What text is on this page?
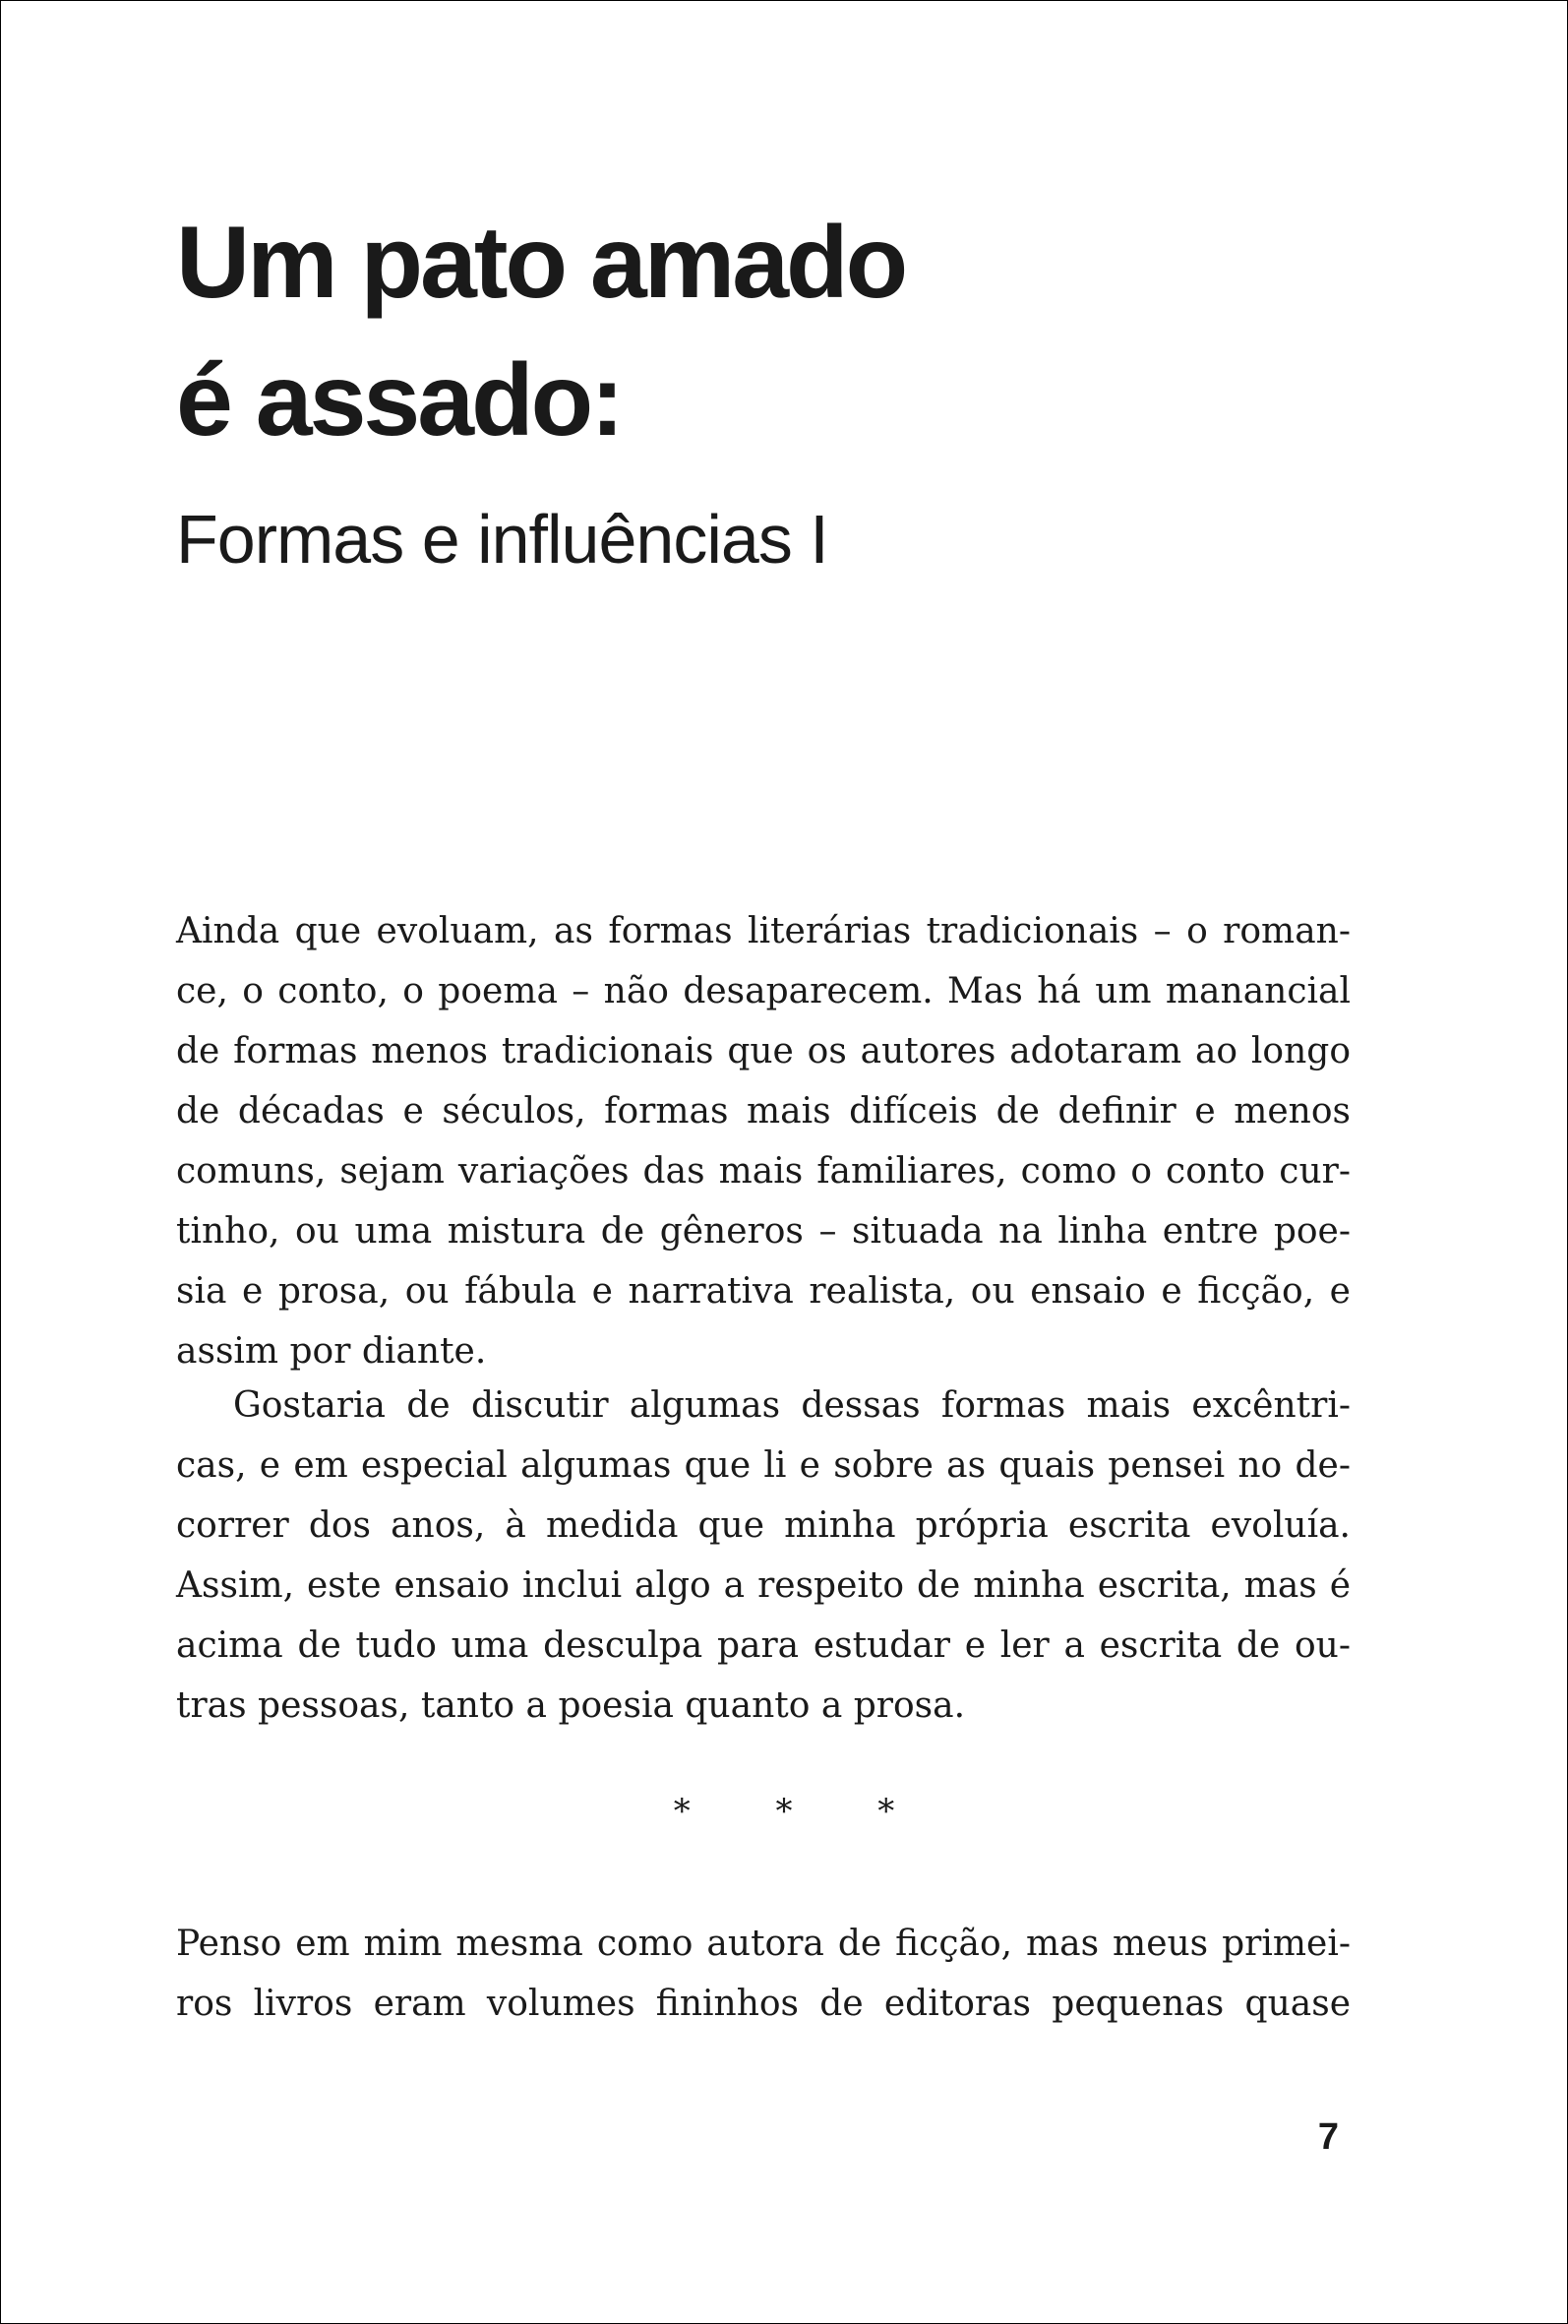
Um pato amado
é assado:
Formas e influências I
Ainda que evoluam, as formas literárias tradicionais – o roman-
ce, o conto, o poema – não desaparecem. Mas há um manancial
de formas menos tradicionais que os autores adotaram ao longo
de décadas e séculos, formas mais difíceis de definir e menos
comuns, sejam variações das mais familiares, como o conto cur-
tinho, ou uma mistura de gêneros – situada na linha entre poe-
sia e prosa, ou fábula e narrativa realista, ou ensaio e ficção, e
assim por diante.
Gostaria de discutir algumas dessas formas mais excêntri-
cas, e em especial algumas que li e sobre as quais pensei no de-
correr dos anos, à medida que minha própria escrita evoluía.
Assim, este ensaio inclui algo a respeito de minha escrita, mas é
acima de tudo uma desculpa para estudar e ler a escrita de ou-
tras pessoas, tanto a poesia quanto a prosa.
* * *
Penso em mim mesma como autora de ficção, mas meus primei-
ros livros eram volumes fininhos de editoras pequenas quase
7
